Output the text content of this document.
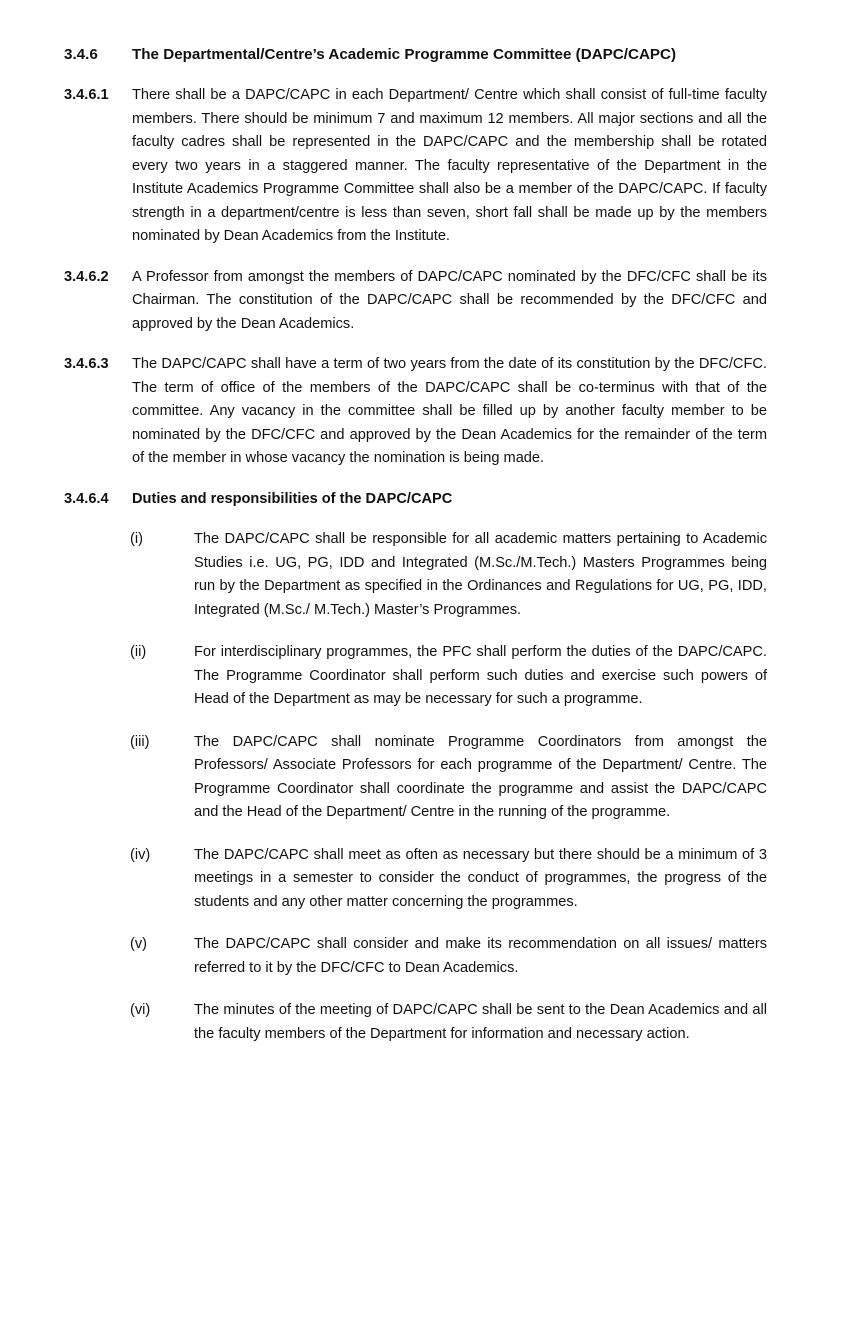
3.4.6	The Departmental/Centre’s Academic Programme Committee (DAPC/CAPC)
3.4.6.1	There shall be a DAPC/CAPC in each Department/ Centre which shall consist of full-time faculty members. There should be minimum 7 and maximum 12 members. All major sections and all the faculty cadres shall be represented in the DAPC/CAPC and the membership shall be rotated every two years in a staggered manner. The faculty representative of the Department in the Institute Academics Programme Committee shall also be a member of the DAPC/CAPC. If faculty strength in a department/centre is less than seven, short fall shall be made up by the members nominated by Dean Academics from the Institute.
3.4.6.2	A Professor from amongst the members of DAPC/CAPC nominated by the DFC/CFC shall be its Chairman. The constitution of the DAPC/CAPC shall be recommended by the DFC/CFC and approved by the Dean Academics.
3.4.6.3	The DAPC/CAPC shall have a term of two years from the date of its constitution by the DFC/CFC. The term of office of the members of the DAPC/CAPC shall be co-terminus with that of the committee. Any vacancy in the committee shall be filled up by another faculty member to be nominated by the DFC/CFC and approved by the Dean Academics for the remainder of the term of the member in whose vacancy the nomination is being made.
3.4.6.4	Duties and responsibilities of the DAPC/CAPC
(i)	The DAPC/CAPC shall be responsible for all academic matters pertaining to Academic Studies i.e. UG, PG, IDD and Integrated (M.Sc./M.Tech.) Masters Programmes being run by the Department as specified in the Ordinances and Regulations for UG, PG, IDD, Integrated (M.Sc./ M.Tech.) Master’s Programmes.
(ii)	For interdisciplinary programmes, the PFC shall perform the duties of the DAPC/CAPC. The Programme Coordinator shall perform such duties and exercise such powers of Head of the Department as may be necessary for such a programme.
(iii)	The DAPC/CAPC shall nominate Programme Coordinators from amongst the Professors/ Associate Professors for each programme of the Department/ Centre. The Programme Coordinator shall coordinate the programme and assist the DAPC/CAPC and the Head of the Department/ Centre in the running of the programme.
(iv)	The DAPC/CAPC shall meet as often as necessary but there should be a minimum of 3 meetings in a semester to consider the conduct of programmes, the progress of the students and any other matter concerning the programmes.
(v)	The DAPC/CAPC shall consider and make its recommendation on all issues/ matters referred to it by the DFC/CFC to Dean Academics.
(vi)	The minutes of the meeting of DAPC/CAPC shall be sent to the Dean Academics and all the faculty members of the Department for information and necessary action.
